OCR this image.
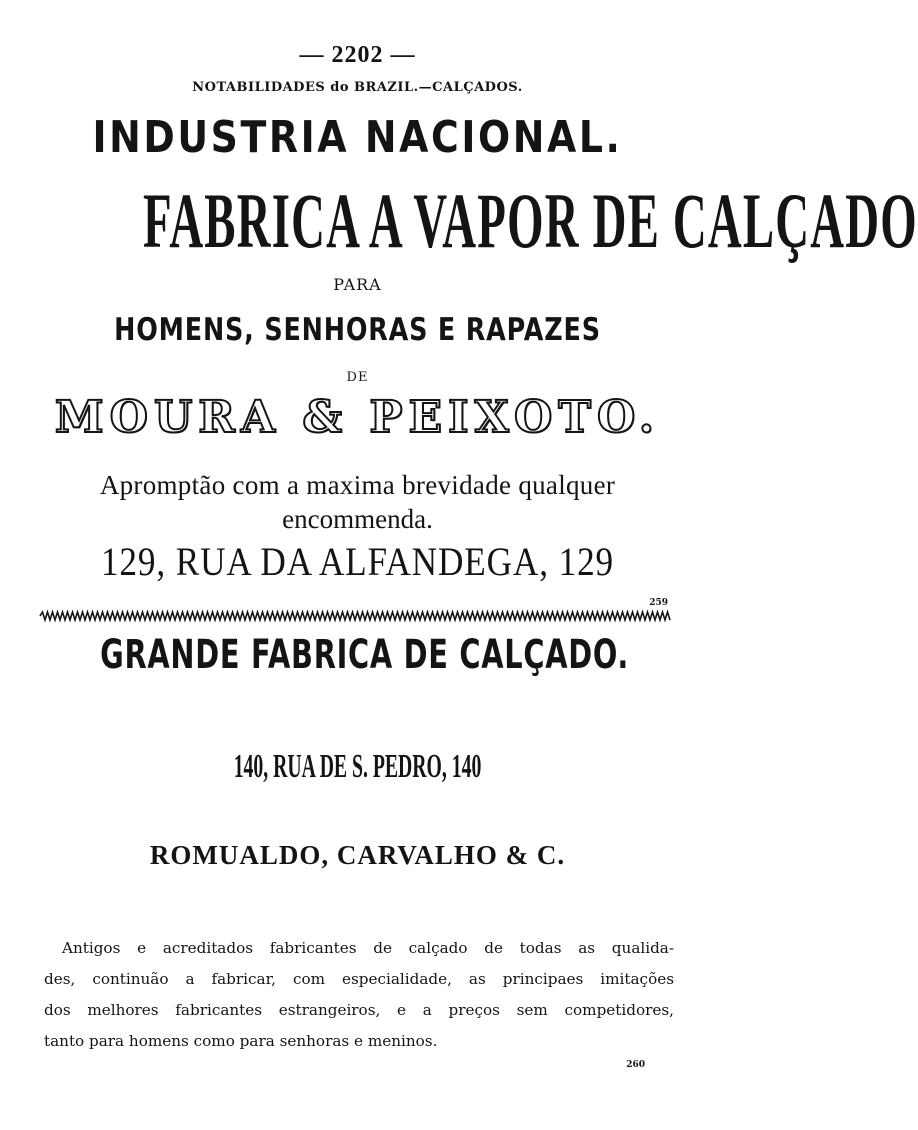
— 2202 —
NOTABILIDADES do BRAZIL.—CALÇADOS.
INDUSTRIA NACIONAL.
FABRICA A VAPOR DE CALÇADO
PARA
HOMENS, SENHORAS E RAPAZES
DE
MOURA & PEIXOTO.
Apromptão com a maxima brevidade qualquer
encommenda.
129, RUA DA ALFANDEGA, 129
259
GRANDE FABRICA DE CALÇADO.
140, RUA DE S. PEDRO, 140
ROMUALDO, CARVALHO & C.
Antigos e acreditados fabricantes de calçado de todas as qualida-
des, continuão a fabricar, com especialidade, as principaes imitações
dos melhores fabricantes estrangeiros, e a preços sem competidores,
tanto para homens como para senhoras e meninos.
260
